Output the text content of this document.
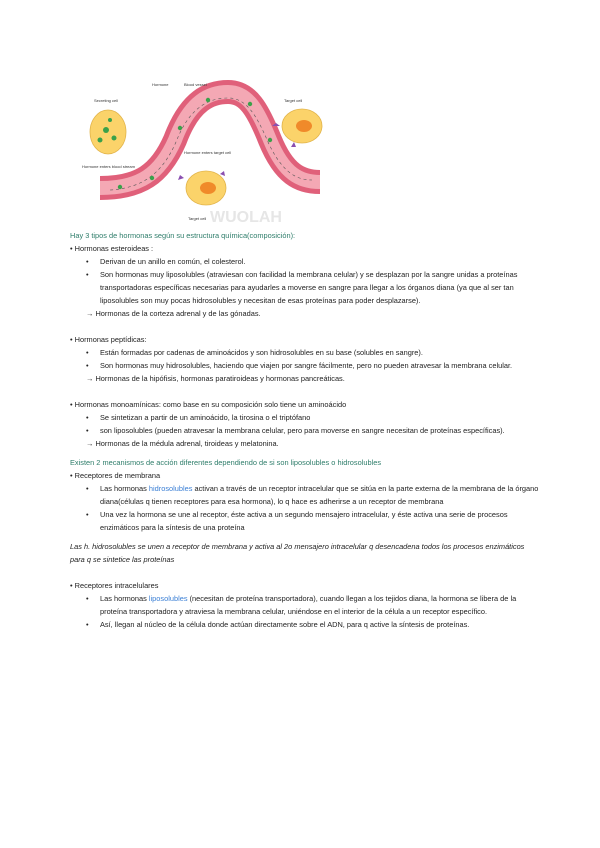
Secreting cell
Hormone	Blood vessel
Target cell
Hormone enters blood stream
Hormone enters target cell
Target cell WUOLAH

Hay 3 tipos de hormonas según su estructura química(composición):

• Hormonas esteroideas :

•	Derivan de un anillo en común, el colesterol.
•	Son hormonas muy liposolubles (atraviesan con facilidad la membrana celular) y se desplazan por la sangre unidas a proteínas transportadoras específicas necesarias para ayudarles a moverse en sangre para llegar a los órganos diana (ya que al ser tan liposolubles son muy pocas hidrosolubles y necesitan de esas proteínas para poder desplazarse).

→ Hormonas de la corteza adrenal y de las gónadas.

• Hormonas peptídicas:

•	Están formadas por cadenas de aminoácidos y son hidrosolubles en su base (solubles en sangre).
•	Son hormonas muy hidrosolubles, haciendo que viajen por sangre fácilmente, pero no pueden atravesar la membrana celular.

→ Hormonas de la hipófisis, hormonas paratiroideas y hormonas pancreáticas.

• Hormonas monoamínicas: como base en su composición solo tiene un aminoácido

•	Se sintetizan a partir de un aminoácido, la tirosina o el triptófano
•	son liposolubles (pueden atravesar la membrana celular, pero para moverse en sangre necesitan de proteínas específicas).

→ Hormonas de la médula adrenal, tiroideas y melatonina.

Existen 2 mecanismos de acción diferentes dependiendo de si son liposolubles o hidrosolubles

• Receptores de membrana

•	Las hormonas hidrosolubles activan a través de un receptor intracelular que se sitúa en la parte externa de la membrana de la órgano diana(células q tienen receptores para esa hormona), lo q hace es adherirse a un receptor de membrana
•	Una vez la hormona se une al receptor, éste activa a un segundo mensajero intracelular, y éste activa una serie de procesos enzimáticos para la síntesis de una proteína

Las h. hidrosolubles se unen a receptor de membrana y activa al 2o mensajero intracelular q desencadena todos los procesos enzimáticos para q se sintetice las proteínas

• Receptores intracelulares

•	Las hormonas liposolubles (necesitan de proteína transportadora), cuando llegan a los tejidos diana, la hormona se libera de la proteína transportadora y atraviesa la membrana celular, uniéndose en el interior de la célula a un receptor específico.
•	Así, llegan al núcleo de la célula donde actúan directamente sobre el ADN, para q active la síntesis de proteínas.
